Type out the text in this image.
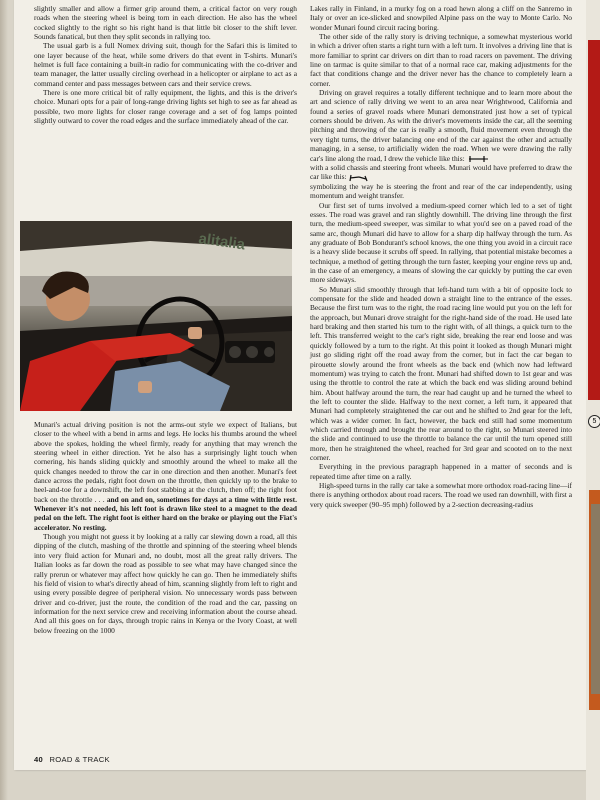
slightly smaller and allow a firmer grip around them, a critical factor on very rough roads when the steering wheel is being torn in each direction. He also has the wheel cocked slightly to the right so his right hand is that little bit closer to the shift lever. Sounds fanatical, but then they split seconds in rallying too.

The usual garb is a full Nomex driving suit, though for the Safari this is limited to one layer because of the heat, while some drivers do that event in T-shirts. Munari's helmet is full face containing a built-in radio for communicating with the co-driver and team manager, the latter usually circling overhead in a helicopter or airplane to act as a command center and pass messages between cars and their service crews.

There is one more critical bit of rally equipment, the lights, and this is the driver's choice. Munari opts for a pair of long-range driving lights set high to see as far ahead as possible, two more lights for closer range coverage and a set of fog lamps pointed slightly outward to cover the road edges and the surface immediately ahead of the car.

alitalia

Munari's actual driving position is not the arms-out style we expect of Italians, but closer to the wheel with a bend in arms and legs. He locks his thumbs around the wheel above the spokes, holding the wheel firmly, ready for anything that may wrench the steering wheel in either direction. Yet he also has a surprisingly light touch when cornering, his hands sliding quickly and smoothly around the wheel to make all the quick changes needed to throw the car in one direction and then another. Munari's feet dance across the pedals, right foot down on the throttle, then quickly up to the brake to heel-and-toe for a downshift, the left foot stabbing at the clutch, then off; the right foot back on the throttle . . . and on and on, sometimes for days at a time with little rest. Whenever it's not needed, his left foot is drawn like steel to a magnet to the dead pedal on the left. The right foot is either hard on the brake or playing out the Fiat's accelerator. No resting.

Though you might not guess it by looking at a rally car slewing down a road, all this dipping of the clutch, mashing of the throttle and spinning of the steering wheel blends into very fluid action for Munari and, no doubt, most all the great rally drivers. The Italian looks as far down the road as possible to see what may have changed since the rally prerun or whatever may affect how quickly he can go. Then he immediately shifts his field of vision to what's directly ahead of him, scanning slightly from left to right and using every possible degree of peripheral vision. No unnecessary words pass between driver and co-driver, just the route, the condition of the road and the car, passing on information for the next service crew and receiving information about the course ahead. And all this goes on for days, through tropic rains in Kenya or the Ivory Coast, at well below freezing on the 1000

Lakes rally in Finland, in a murky fog on a road hewn along a cliff on the Sanremo in Italy or over an ice-slicked and snowpiled Alpine pass on the way to Monte Carlo. No wonder Munari found circuit racing boring.

The other side of the rally story is driving technique, a somewhat mysterious world in which a driver often starts a right turn with a left turn. It involves a driving line that is more familiar to sprint car drivers on dirt than to road racers on pavement. The driving line on tarmac is quite similar to that of a normal race car, making adjustments for the fact that conditions change and the driver never has the chance to completely learn a corner.

Driving on gravel requires a totally different technique and to learn more about the art and science of rally driving we went to an area near Wrightwood, California and found a series of gravel roads where Munari demonstrated just how a set of typical corners should be driven. As with the driver's movements inside the car, all the seeming pitching and throwing of the car is really a smooth, fluid movement even through the very tight turns, the driver balancing one end of the car against the other and actually managing, in a sense, to artificially widen the road. When we were drawing the rally car's line along the road, I drew the vehicle like this:

with a solid chassis and steering front wheels. Munari would have preferred to draw the car like this:

symbolizing the way he is steering the front and rear of the car independently, using momentum and weight transfer.

Our first set of turns involved a medium-speed corner which led to a set of tight esses. The road was gravel and ran slightly downhill. The driving line through the first turn, the medium-speed sweeper, was similar to what you'd see on a paved road of the same arc, though Munari did have to allow for a sharp dip halfway through the turn. As any graduate of Bob Bondurant's school knows, the one thing you avoid in a circuit race is a heavy slide because it scrubs off speed. In rallying, that potential mistake becomes a technique, a method of getting through the turn faster, keeping your engine revs up and, in the case of an emergency, a means of slowing the car quickly by putting the car even more sideways.

So Munari slid smoothly through that left-hand turn with a bit of opposite lock to compensate for the slide and headed down a straight line to the entrance of the esses. Because the first turn was to the right, the road racing line would put you on the left for the approach, but Munari drove straight for the right-hand side of the road. He used late hard braking and then started his turn to the right with, of all things, a quick turn to the left. This transferred weight to the car's right side, breaking the rear end loose and was quickly followed by a turn to the right. At this point it looked as though Munari might just go sliding right off the road away from the corner, but in fact the car began to pirouette slowly around the front wheels as the back end (which now had leftward momentum) was trying to catch the front. Munari had shifted down to 1st gear and was using the throttle to control the rate at which the back end was sliding around behind him. About halfway around the turn, the rear had caught up and he turned the wheel to the left to counter the slide. Halfway to the next corner, a left turn, it appeared that Munari had completely straightened the car out and he shifted to 2nd gear for the left, which was a wider corner. In fact, however, the back end still had some momentum which carried through and brought the rear around to the right, so Munari steered into the slide and continued to use the throttle to balance the car until the turn opened still more, then he straightened the wheel, reached for 3rd gear and scooted on to the next corner.

Everything in the previous paragraph happened in a matter of seconds and is repeated time after time on a rally.

High-speed turns in the rally car take a somewhat more orthodox road-racing line—if there is anything orthodox about road racers. The road we used ran downhill, with first a very quick sweeper (90–95 mph) followed by a 2-section decreasing-radius

40 ROAD & TRACK
5
